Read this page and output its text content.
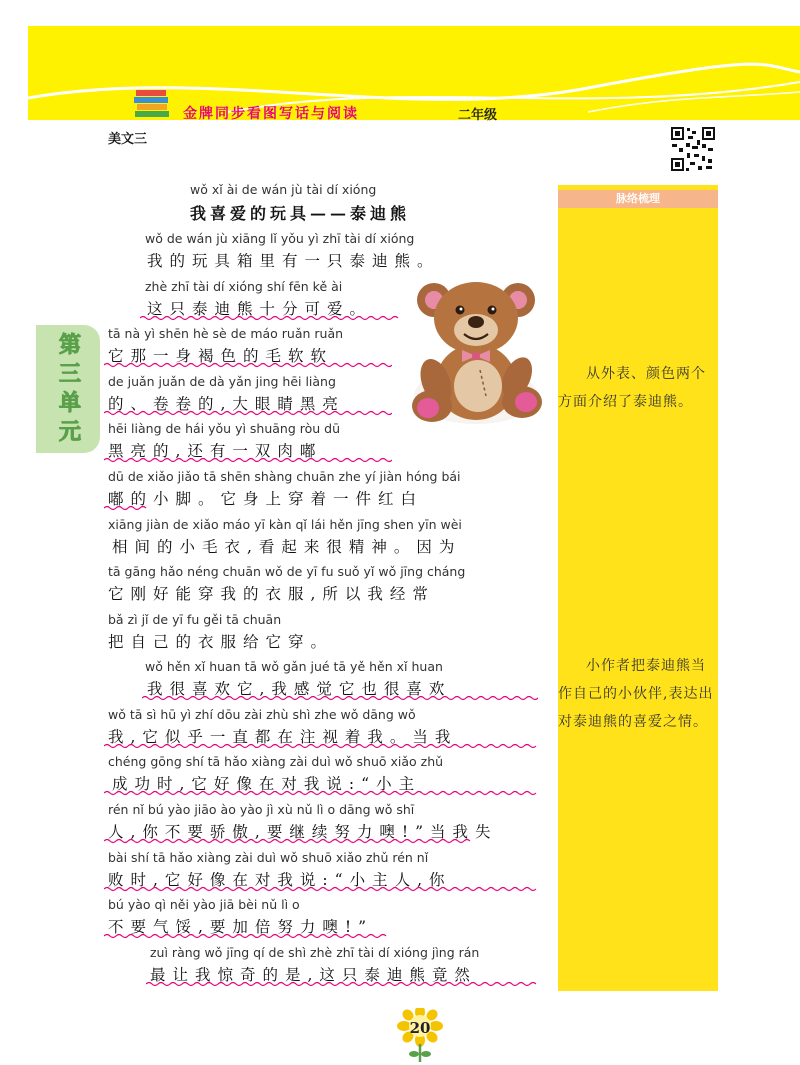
金牌同步看图写话与阅读	二年级
美文三
第三单元
脉络梳理
从外表、颜色两个方面介绍了泰迪熊。
小作者把泰迪熊当作自己的小伙伴,表达出对泰迪熊的喜爱之情。
wǒ xǐ ài de wán jù tài dí xióng
我喜爱的玩具——泰迪熊
wǒ de wán jù xiāng lǐ yǒu yì zhī tài dí xióng
我的玩具箱里有一只泰迪熊。
zhè zhī tài dí xióng shí fēn kě ài
这只泰迪熊十分可爱。
tā nà yì shēn hè sè de máo ruǎn ruǎn
它那一身褐色的毛软软
de juǎn juǎn de dà yǎn jing hēi liàng
的、卷卷的,大眼睛黑亮
hēi liàng de hái yǒu yì shuāng ròu dū
黑亮的,还有一双肉嘟
dū de xiǎo jiǎo tā shēn shàng chuān zhe yí jiàn hóng bái
嘟的小脚。它身上穿着一件红白
xiāng jiàn de xiǎo máo yī kàn qǐ lái hěn jīng shen yīn wèi
相间的小毛衣,看起来很精神。因为
tā gāng hǎo néng chuān wǒ de yī fu suǒ yǐ wǒ jīng cháng
它刚好能穿我的衣服,所以我经常
bǎ zì jǐ de yī fu gěi tā chuān
把自己的衣服给它穿。
wǒ hěn xǐ huan tā wǒ gǎn jué tā yě hěn xǐ huan
我很喜欢它,我感觉它也很喜欢
wǒ tā sì hū yì zhí dōu zài zhù shì zhe wǒ dāng wǒ
我,它似乎一直都在注视着我。当我
chéng gōng shí tā hǎo xiàng zài duì wǒ shuō xiǎo zhǔ
成功时,它好像在对我说:“小主
rén nǐ bú yào jiāo ào yào jì xù nǔ lì o dāng wǒ shī
人,你不要骄傲,要继续努力噢!”当我失
bài shí tā hǎo xiàng zài duì wǒ shuō xiǎo zhǔ rén nǐ
败时,它好像在对我说:“小主人,你
bú yào qì něi yào jiā bèi nǔ lì o
不要气馁,要加倍努力噢!”
zuì ràng wǒ jīng qí de shì zhè zhī tài dí xióng jìng rán
最让我惊奇的是,这只泰迪熊竟然
20
